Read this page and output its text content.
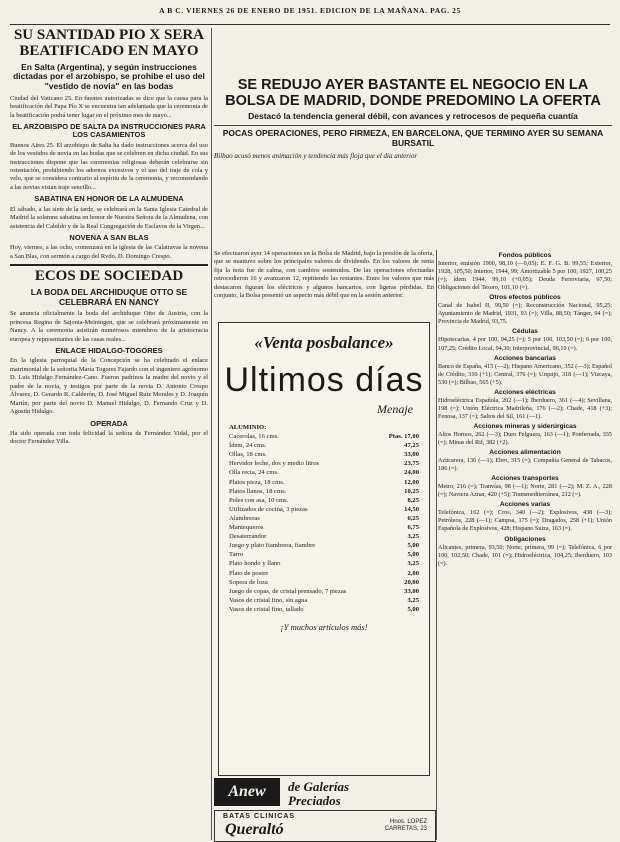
A B C. VIERNES 26 DE ENERO DE 1951. EDICION DE LA MAÑANA. PAG. 25
SU SANTIDAD PIO X SERÁ BEATIFICADO EN MAYO
En Salta (Argentina), y según instrucciones dictadas por el arzobispo, se prohibe el uso del "vestido de novia" en las bodas

Ciudad del Vaticano 25. En fuentes autorizadas se dice que la causa para la beatificación del Papa Pío X se encuentra tan adelantada que la ceremonia de la beatificación podrá tener lugar en el próximo mes de mayo...

EL ARZOBISPO DE SALTA DA INSTRUCCIONES PARA LOS CASAMIENTOS

Buenos Aires 25. El arzobispo de Salta ha dado instrucciones acerca del uso de los vestidos de novia en las bodas que se celebren en dicha ciudad. En sus instrucciones dispone que las ceremonias religiosas deberán celebrarse sin ostentación, prohibiendo los adornos excesivos y el uso del traje de cola y velo, que se considera contrario al espíritu de la ceremonia, y recomendando a las novias vistan traje sencillo...

SABATINA EN HONOR DE LA ALMUDENA

El sábado, a las siete de la tarde, se celebrará en la Santa Iglesia Catedral de Madrid la solemne sabatina en honor de Nuestra Señora de la Almudena, con asistencia del Cabildo y de la Real Congregación de Esclavos de la Virgen...

NOVENA A SAN BLAS

Hoy, viernes, a las ocho, comenzará en la iglesia de las Calatravas la novena a San Blas, con sermón a cargo del Rvdo. D. Domingo Crespo.

ECOS DE SOCIEDAD
LA BODA DEL ARCHIDUQUE OTTO SE CELEBRARÁ EN NANCY

Se anuncia oficialmente la boda del archiduque Otto de Austria, con la princesa Regina de Sajonia-Meiningen, que se celebrará próximamente en Nancy. A la ceremonia asistirán numerosos miembros de la aristocracia europea y representantes de las casas reales...

ENLACE HIDALGO-TOGORES

En la iglesia parroquial de la Concepción se ha celebrado el enlace matrimonial de la señorita María Togores Fajardo con el ingeniero agrónomo D. Luis Hidalgo Fernández-Cano. Fueron padrinos la madre del novio y el padre de la novia, y testigos por parte de la novia D. Antonio Crespo Álvarez, D. Gerardo R. Calderón, D. José Miguel Ruiz Morales y D. Joaquín Martín; por parte del novio D. Manuel Hidalgo, D. Fernando Cruz y D. Agustín Hidalgo.

OPERADA

Ha sido operada con toda felicidad la señora de Fernández Vidal, por el doctor Fernández Villa.

SE REDUJO AYER BASTANTE EL NEGOCIO EN LA BOLSA DE MADRID, DONDE PREDOMINO LA OFERTA
Destacó la tendencia general débil, con avances y retrocesos de pequeña cuantía
POCAS OPERACIONES, PERO FIRMEZA, EN BARCELONA, QUE TERMINO AYER SU SEMANA BURSATIL
Bilbao acusó menos animación y tendencia más floja que el día anterior

Se efectuaron ayer 14 operaciones en la Bolsa de Madrid, bajo la presión de la oferta, que se mantuvo sobre los principales valores de dividendo. En los valores de renta fija la nota fue de calma, con cambios sostenidos. De las operaciones efectuadas retrocedieron 16 y avanzaron 12, repitiendo las restantes. Entre los valores que más destacaron figuran los eléctricos y algunos bancarios, con ligeras pérdidas. En conjunto, la Bolsa presentó un aspecto más débil que en la sesión anterior.

«Venta posbalance»
Ultimos días
Menaje
ALUMINIO:
Cacerolas, 16 cms.	Ptas. 17,00
Ídem, 24 cms.	47,25
Ollas, 18 cms.	33,00
Hervidor leche, dos y medio litros	23,75
Olla recta, 24 cms.	24,00
Platos pieza, 18 cms.	12,00
Platos llanos, 18 cms.	10,25
Poles con asa, 10 cms.	8,25
Utilizados de cocina, 3 piezas	14,50
Alambreras	6,25
Mantequeros	6,75
Desaterrandor	3,25
Juego y plato fiambrera, fiambre	5,00
Tarro	5,00
Plato hondo y llano	3,25
Plato de postre	2,00
Sopera de loza	20,00
Juego de copas, de cristal prensado, 7 piezas	33,00
Vasos de cristal fino, sin agua	3,25
Vasos de cristal fino, tallado	5,00
¡Y muchos artículos más!
Anew	de Galerías
Preciados
BATAS CLINICAS
Queraltó	Hnos. LOPEZ
CARRETAS, 23
Fondos públicos

Interior, emisión 1900, 98,10 (—0,05); E. F. G. B. 99,55; Exterior, 1928, 105,50; Interior, 1944, 99; Amortizable 5 por 100, 1927, 100,25 (=); ídem 1944, 99,10 (+0,05); Deuda Ferroviaria, 97,50; Obligaciones del Tesoro, 101,10 (=).

Otros efectos públicos

Canal de Isabel II, 99,50 (=); Reconstrucción Nacional, 95,25; Ayuntamiento de Madrid, 1931, 93 (=); Villa, 88,50; Tánger, 94 (=); Provincia de Madrid, 93,75.

Cédulas

Hipotecarias, 4 por 100, 94,25 (=); 5 por 100, 103,50 (=); 6 por 100, 107,25; Crédito Local, 94,30; Interprovincial, 96,10 (=).

Acciones bancarias

Banco de España, 415 (—2); Hispano Americano, 352 (—3); Español de Crédito, 310 (+1); Central, 376 (=); Urquijo, 318 (—1); Vizcaya, 530 (=); Bilbao, 565 (+5).

Acciones eléctricas

Hidroeléctrica Española, 202 (—1); Iberduero, 361 (—4); Sevillana, 198 (=); Unión Eléctrica Madrileña, 176 (—2); Chade, 418 (+3); Fenosa, 137 (=); Saltos del Sil, 161 (—1).

Acciones mineras y siderúrgicas

Altos Hornos, 262 (—3); Duro Felguera, 163 (—1); Ponferrada, 335 (=); Minas del Rif, 382 (+2).

Acciones alimentación

Azucarera, 136 (—1); Ebro, 315 (=); Compañía General de Tabacos, 186 (=).

Acciones transportes

Metro, 216 (=); Tranvías, 98 (—1); Norte, 281 (—2); M. Z. A., 228 (=); Naviera Aznar, 420 (+5); Transmediterránea, 212 (=).

Acciones varias

Telefónica, 162 (=); Cros, 340 (—2); Explosivos, 438 (—3); Petróleos, 228 (—1); Campsa, 175 (=); Dragados, 258 (+1); Unión Española de Explosivos, 428; Hispano Suiza, 163 (=).

Obligaciones

Alicantes, primera, 93,50; Norte, primera, 99 (=); Telefónica, 6 por 100, 102,50; Chade, 101 (=); Hidroeléctrica, 104,25; Iberduero, 103 (=).
